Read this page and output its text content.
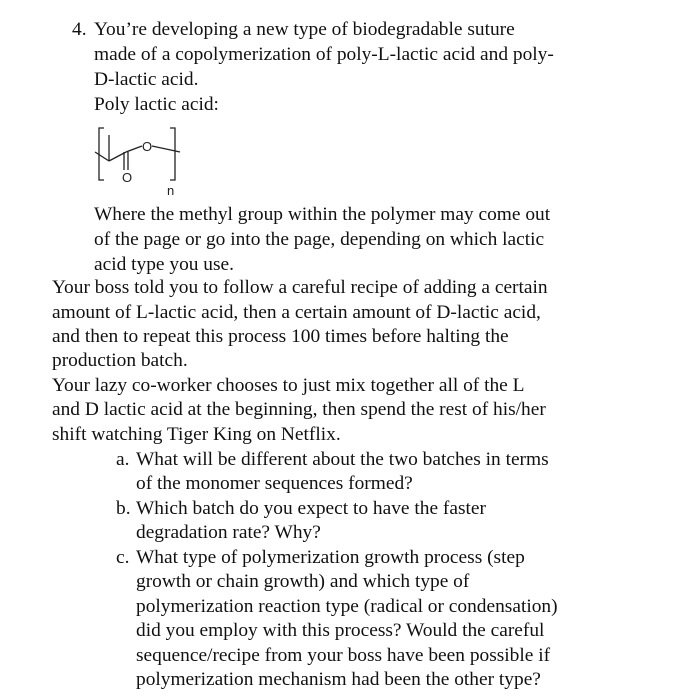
4. You’re developing a new type of biodegradable suture
made of a copolymerization of poly-L-lactic acid and poly-
D-lactic acid.
Poly lactic acid:
O
O
n
Where the methyl group within the polymer may come out
of the page or go into the page, depending on which lactic
acid type you use.
Your boss told you to follow a careful recipe of adding a certain
amount of L-lactic acid, then a certain amount of D-lactic acid,
and then to repeat this process 100 times before halting the
production batch.
Your lazy co-worker chooses to just mix together all of the L
and D lactic acid at the beginning, then spend the rest of his/her
shift watching Tiger King on Netflix.
a. What will be different about the two batches in terms
of the monomer sequences formed?
b. Which batch do you expect to have the faster
degradation rate? Why?
c. What type of polymerization growth process (step
growth or chain growth) and which type of
polymerization reaction type (radical or condensation)
did you employ with this process? Would the careful
sequence/recipe from your boss have been possible if
polymerization mechanism had been the other type?
